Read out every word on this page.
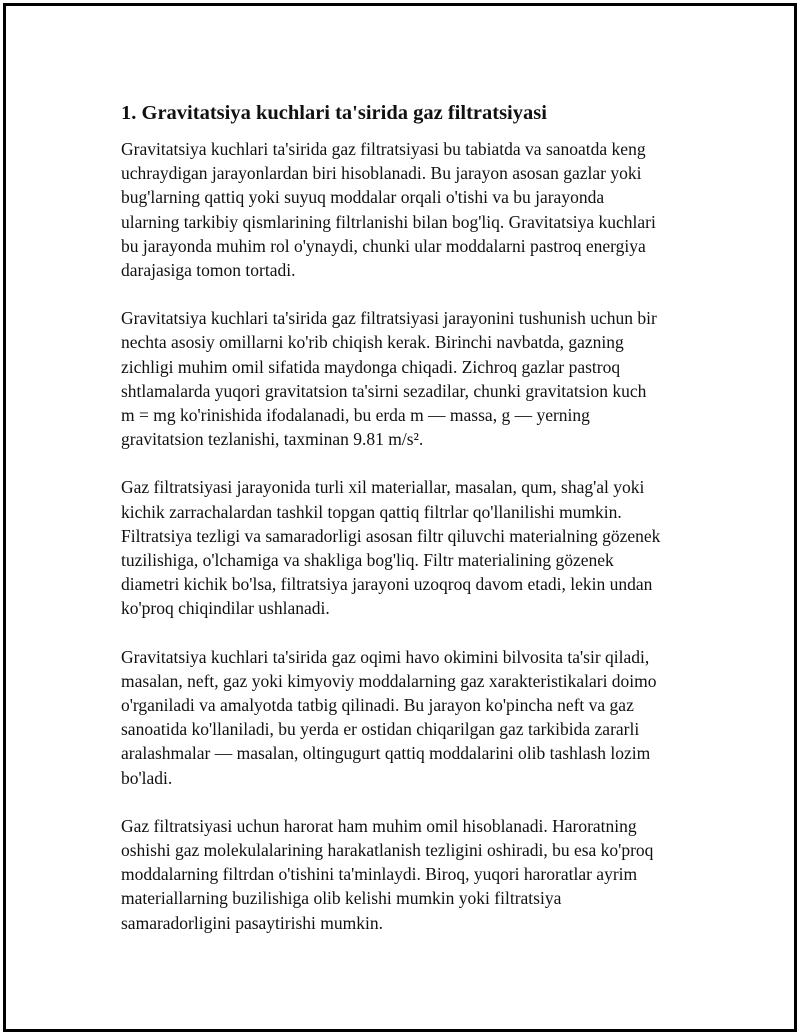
1. Gravitatsiya kuchlari ta'sirida gaz filtratsiyasi
Gravitatsiya kuchlari ta'sirida gaz filtratsiyasi bu tabiatda va sanoatda keng
uchraydigan jarayonlardan biri hisoblanadi. Bu jarayon asosan gazlar yoki
bug'larning qattiq yoki suyuq moddalar orqali o'tishi va bu jarayonda
ularning tarkibiy qismlarining filtrlanishi bilan bog'liq. Gravitatsiya kuchlari
bu jarayonda muhim rol o'ynaydi, chunki ular moddalarni pastroq energiya
darajasiga tomon tortadi.
Gravitatsiya kuchlari ta'sirida gaz filtratsiyasi jarayonini tushunish uchun bir
nechta asosiy omillarni ko'rib chiqish kerak. Birinchi navbatda, gazning
zichligi muhim omil sifatida maydonga chiqadi. Zichroq gazlar pastroq
shtlamalarda yuqori gravitatsion ta'sirni sezadilar, chunki gravitatsion kuch
m = mg ko'rinishida ifodalanadi, bu erda m — massa, g — yerning
gravitatsion tezlanishi, taxminan 9.81 m/s².
Gaz filtratsiyasi jarayonida turli xil materiallar, masalan, qum, shag'al yoki
kichik zarrachalardan tashkil topgan qattiq filtrlar qo'llanilishi mumkin.
Filtratsiya tezligi va samaradorligi asosan filtr qiluvchi materialning gözenek
tuzilishiga, o'lchamiga va shakliga bog'liq. Filtr materialining gözenek
diametri kichik bo'lsa, filtratsiya jarayoni uzoqroq davom etadi, lekin undan
ko'proq chiqindilar ushlanadi.
Gravitatsiya kuchlari ta'sirida gaz oqimi havo okimini bilvosita ta'sir qiladi,
masalan, neft, gaz yoki kimyoviy moddalarning gaz xarakteristikalari doimo
o'rganiladi va amalyotda tatbig qilinadi. Bu jarayon ko'pincha neft va gaz
sanoatida ko'llaniladi, bu yerda er ostidan chiqarilgan gaz tarkibida zararli
aralashmalar — masalan, oltingugurt qattiq moddalarini olib tashlash lozim
bo'ladi.
Gaz filtratsiyasi uchun harorat ham muhim omil hisoblanadi. Haroratning
oshishi gaz molekulalarining harakatlanish tezligini oshiradi, bu esa ko'proq
moddalarning filtrdan o'tishini ta'minlaydi. Biroq, yuqori haroratlar ayrim
materiallarning buzilishiga olib kelishi mumkin yoki filtratsiya
samaradorligini pasaytirishi mumkin.
